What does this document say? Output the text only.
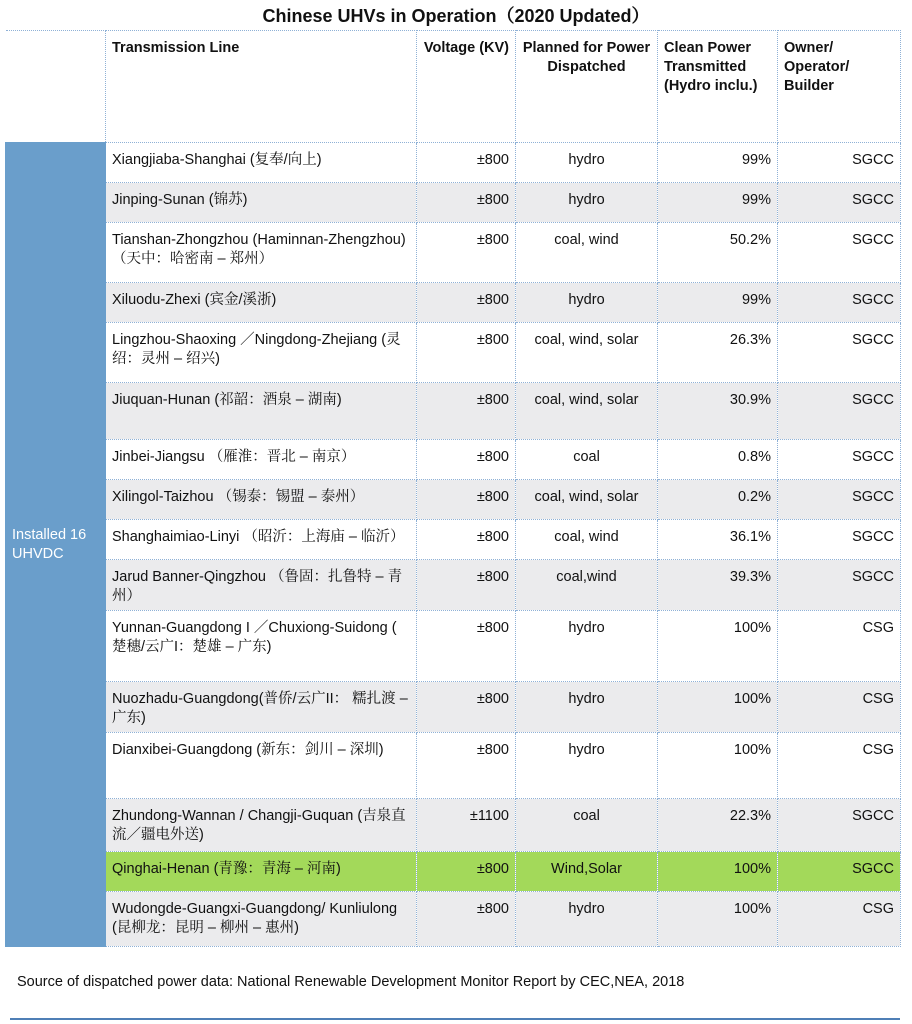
Chinese UHVs in Operation（2020 Updated）
	Transmission Line	Voltage (KV)	Planned for Power Dispatched	Clean Power Transmitted (Hydro inclu.)	Owner/ Operator/ Builder
Installed 16 UHVDC	Xiangjiaba-Shanghai (复奉/向上)	±800	hydro	99%	SGCC

	Jinping-Sunan (锦苏)	±800	hydro	99%	SGCC

	Tianshan-Zhongzhou (Haminnan-Zhengzhou) （天中：哈密南 – 郑州）	±800	coal, wind	50.2%	SGCC

	Xiluodu-Zhexi (宾金/溪浙)	±800	hydro	99%	SGCC

	Lingzhou-Shaoxing ／Ningdong-Zhejiang (灵绍：灵州 – 绍兴)	±800	coal, wind, solar	26.3%	SGCC

	Jiuquan-Hunan (祁韶：酒泉 – 湖南)	±800	coal, wind, solar	30.9%	SGCC

	Jinbei-Jiangsu （雁淮：晋北 – 南京）	±800	coal	0.8%	SGCC

	Xilingol-Taizhou （锡泰：锡盟 – 泰州）	±800	coal, wind, solar	0.2%	SGCC

	Shanghaimiao-Linyi （昭沂：上海庙 – 临沂）	±800	coal, wind	36.1%	SGCC

	Jarud Banner-Qingzhou （鲁固：扎鲁特 – 青州）	±800	coal,wind	39.3%	SGCC

	Yunnan-Guangdong I ／Chuxiong-Suidong ( 楚穗/云广I：楚雄 – 广东)	±800	hydro	100%	CSG

	Nuozhadu-Guangdong(普侨/云广II： 糯扎渡 – 广东)	±800	hydro	100%	CSG

	Dianxibei-Guangdong (新东：剑川 – 深圳)	±800	hydro	100%	CSG

	Zhundong-Wannan / Changji-Guquan (吉泉直流／疆电外送)	±1100	coal	22.3%	SGCC

	Qinghai-Henan (青豫：青海 – 河南)	±800	Wind,Solar	100%	SGCC

	Wudongde-Guangxi-Guangdong/ Kunliulong (昆柳龙：昆明 – 柳州 – 惠州)	±800	hydro	100%	CSG
Source of dispatched power data: National Renewable Development Monitor Report by CEC,NEA, 2018
